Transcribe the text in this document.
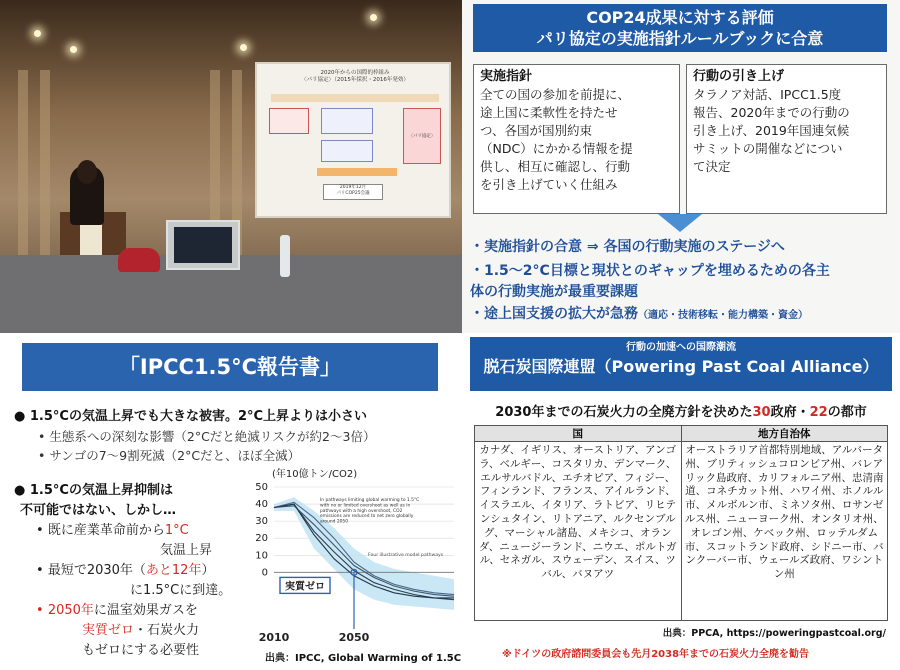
2020年からの国際的枠組み
〈パリ協定〉（2015年採択・2016年発効）
〈パリ協定〉
2019年12月
パリCOP25会議
COP24成果に対する評価
パリ協定の実施指針ルールブックに合意
実施指針
全ての国の参加を前提に、
途上国に柔軟性を持たせ
つ、各国が国別約束
（NDC）にかかる情報を提
供し、相互に確認し、行動
を引き上げていく仕組み
行動の引き上げ
タラノア対話、IPCC1.5度
報告、2020年までの行動の
引き上げ、2019年国連気候
サミットの開催などについ
て決定
・実施指針の合意 ⇒ 各国の行動実施のステージへ
・1.5～2°C目標と現状とのギャップを埋めるための各主
体の行動実施が最重要課題
・途上国支援の拡大が急務（適応・技術移転・能力構築・資金）
「IPCC1.5°C報告書」
● 1.5°Cの気温上昇でも大きな被害。2°C上昇よりは小さい
• 生態系への深刻な影響（2°Cだと絶滅リスクが約2～3倍）
• サンゴの7～9割死滅（2°Cだと、ほぼ全滅）
● 1.5°Cの気温上昇抑制は
不可能ではない、しかし…
• 既に産業革命前から1°C
気温上昇
• 最短で2030年（あと12年）
に1.5°Cに到達。
• 2050年に温室効果ガスを
実質ゼロ・石炭火力
もゼロにする必要性
50
40
30
20
10
0
2010	2050
(年10億トン/CO2)
In pathways limiting global warming to 1.5°C with no or limited overshoot as well as in pathways with a high overshoot, CO2 emissions are reduced to net zero globally around 2050
Four illustrative model pathways
実質ゼロ
出典：IPCC, Global Warming of 1.5C
行動の加速への国際潮流
脱石炭国際連盟（Powering Past Coal Alliance）
2030年までの石炭火力の全廃方針を決めた30政府・22の都市
国	地方自治体
カナダ、イギリス、オーストリア、アンゴラ、ベルギー、コスタリカ、デンマーク、エルサルバドル、エチオピア、フィジー、フィンランド、フランス、アイルランド、イスラエル、イタリア、ラトビア、リヒテンシュタイン、リトアニア、ルクセンブルグ、マーシャル諸島、メキシコ、オランダ、ニュージーランド、ニウエ、ポルトガル、セネガル、スウェーデン、スイス、ツバル、バヌアツ	オーストラリア首都特別地域、アルバータ州、ブリティッシュコロンビア州、バレアリック島政府、カリフォルニア州、忠清南道、コネチカット州、ハワイ州、ホノルル市、メルボルン市、ミネソタ州、ロサンゼルス州、ニューヨーク州、オンタリオ州、オレゴン州、ケベック州、ロッテルダム市、スコットランド政府、シドニー市、バンクーバー市、ウェールズ政府、ワシントン州
出典：PPCA, https://poweringpastcoal.org/
※ドイツの政府諮問委員会も先月2038年までの石炭火力全廃を勧告
